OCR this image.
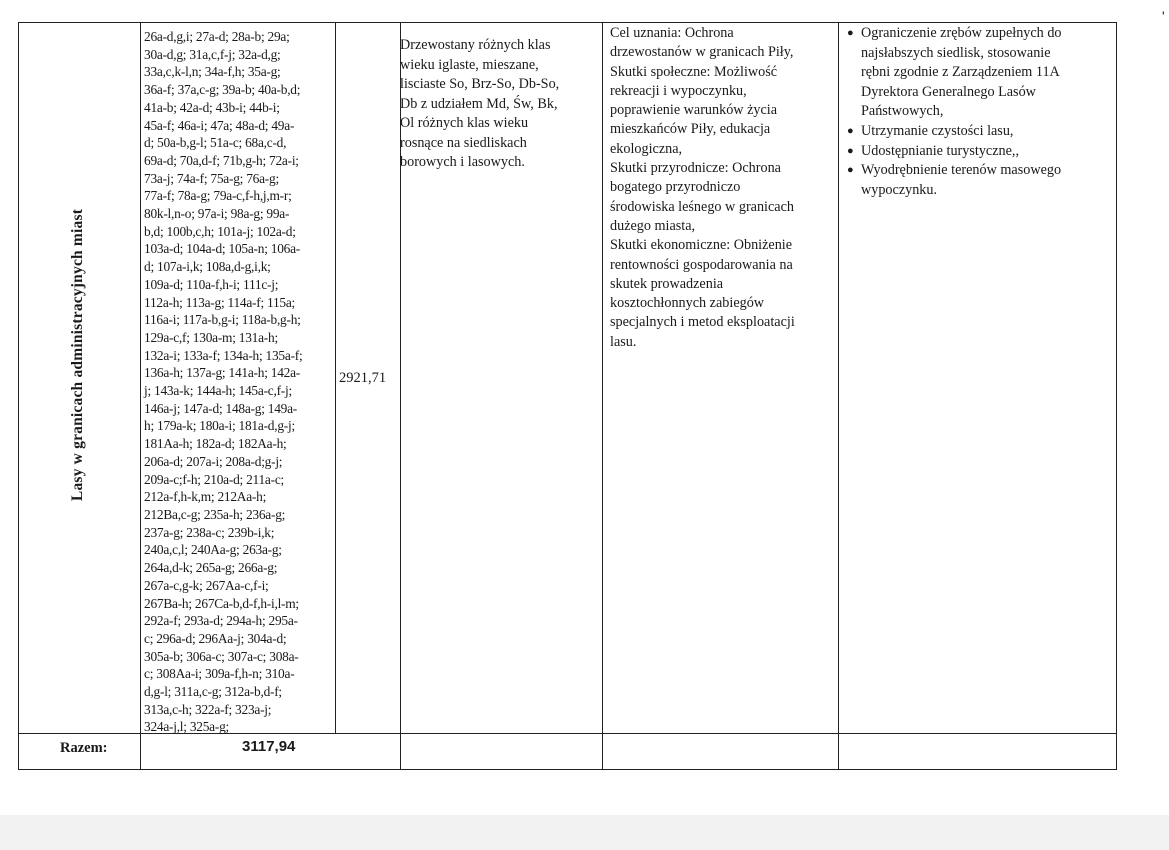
'
Lasy w granicach administracyjnych miast
26a-d,g,i; 27a-d; 28a-b; 29a;
30a-d,g; 31a,c,f-j; 32a-d,g;
33a,c,k-l,n; 34a-f,h; 35a-g;
36a-f; 37a,c-g; 39a-b; 40a-b,d;
41a-b; 42a-d; 43b-i; 44b-i;
45a-f; 46a-i; 47a; 48a-d; 49a-
d; 50a-b,g-l; 51a-c; 68a,c-d,
69a-d; 70a,d-f; 71b,g-h; 72a-i;
73a-j; 74a-f; 75a-g; 76a-g;
77a-f; 78a-g; 79a-c,f-h,j,m-r;
80k-l,n-o; 97a-i; 98a-g; 99a-
b,d; 100b,c,h; 101a-j; 102a-d;
103a-d; 104a-d; 105a-n; 106a-
d; 107a-i,k; 108a,d-g,i,k;
109a-d; 110a-f,h-i; 111c-j;
112a-h; 113a-g; 114a-f; 115a;
116a-i; 117a-b,g-i; 118a-b,g-h;
129a-c,f; 130a-m; 131a-h;
132a-i; 133a-f; 134a-h; 135a-f;
136a-h; 137a-g; 141a-h; 142a-
j; 143a-k; 144a-h; 145a-c,f-j;
146a-j; 147a-d; 148a-g; 149a-
h; 179a-k; 180a-i; 181a-d,g-j;
181Aa-h; 182a-d; 182Aa-h;
206a-d; 207a-i; 208a-d;g-j;
209a-c;f-h; 210a-d; 211a-c;
212a-f,h-k,m; 212Aa-h;
212Ba,c-g; 235a-h; 236a-g;
237a-g; 238a-c; 239b-i,k;
240a,c,l; 240Aa-g; 263a-g;
264a,d-k; 265a-g; 266a-g;
267a-c,g-k; 267Aa-c,f-i;
267Ba-h; 267Ca-b,d-f,h-i,l-m;
292a-f; 293a-d; 294a-h; 295a-
c; 296a-d; 296Aa-j; 304a-d;
305a-b; 306a-c; 307a-c; 308a-
c; 308Aa-i; 309a-f,h-n; 310a-
d,g-l; 311a,c-g; 312a-b,d-f;
313a,c-h; 322a-f; 323a-j;
324a-j,l; 325a-g;
2921,71
Drzewostany różnych klas
wieku iglaste, mieszane,
lisciaste So, Brz-So, Db-So,
Db z udziałem Md, Św, Bk,
Ol różnych klas wieku
rosnące na siedliskach
borowych i lasowych.
Cel uznania: Ochrona
drzewostanów w granicach Piły,
Skutki społeczne: Możliwość
rekreacji i wypoczynku,
poprawienie warunków życia
mieszkańców Piły, edukacja
ekologiczna,
Skutki przyrodnicze: Ochrona
bogatego przyrodniczo
środowiska leśnego w granicach
dużego miasta,
Skutki ekonomiczne: Obniżenie
rentowności gospodarowania na
skutek prowadzenia
kosztochłonnych zabiegów
specjalnych i metod eksploatacji
lasu.
● Ograniczenie zrębów zupełnych do
najsłabszych siedlisk, stosowanie
rębni zgodnie z Zarządzeniem 11A
Dyrektora Generalnego Lasów
Państwowych,
● Utrzymanie czystości lasu,
● Udostępnianie turystyczne,,
● Wyodrębnienie terenów masowego
wypoczynku.
Razem:	3117,94
